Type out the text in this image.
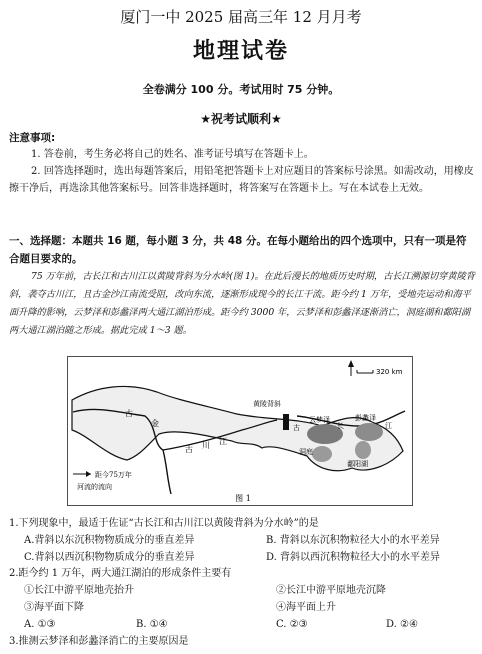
厦门一中 2025 届高三年 12 月月考
地理试卷
全卷满分 100 分。考试用时 75 分钟。
★祝考试顺利★
注意事项:
1. 答卷前，考生务必将自己的姓名、准考证号填写在答题卡上。
2. 回答选择题时，选出每题答案后，用铅笔把答题卡上对应题目的答案标号涂黑。如需改动，用橡皮擦干净后，再选涂其他答案标号。回答非选择题时，将答案写在答题卡上。写在本试卷上无效。
一、选择题：本题共 16 题，每小题 3 分，共 48 分。在每小题给出的四个选项中，只有一项是符合题目要求的。
75 万年前，古长江和古川江以黄陵背斜为分水岭(图 1)。在此后漫长的地质历史时期，古长江溯源切穿黄陵背斜，袭夺古川江，且古金沙江南流受阻，改向东流，逐渐形成现今的长江干流。距今约 1 万年，受地壳运动和海平面升降的影响，云梦泽和彭蠡泽两大通江湖泊形成。距今约 3000 年，云梦泽和彭蠡泽逐渐消亡，洞庭湖和鄱阳湖两大通江湖泊随之形成。据此完成 1～3 题。
320 km
古
金
古 川 江
黄陵背斜
云梦泽	彭蠡泽
古	长	江
洞庭
鄱阳湖
距今75万年
河流的流向
图 1
1.下列现象中，最适于佐证“古长江和古川江以黄陵背斜为分水岭”的是
A.背斜以东沉积物物质成分的垂直差异	B. 背斜以东沉积物粒径大小的水平差异
C.背斜以西沉积物物质成分的垂直差异	D. 背斜以西沉积物粒径大小的水平差异
2.距今约 1 万年，两大通江湖泊的形成条件主要有
①长江中游平原地壳抬升	②长江中游平原地壳沉降
③海平面下降	④海平面上升
A. ①③	B. ①④	C. ②③	D. ②④
3.推测云梦泽和彭蠡泽消亡的主要原因是
